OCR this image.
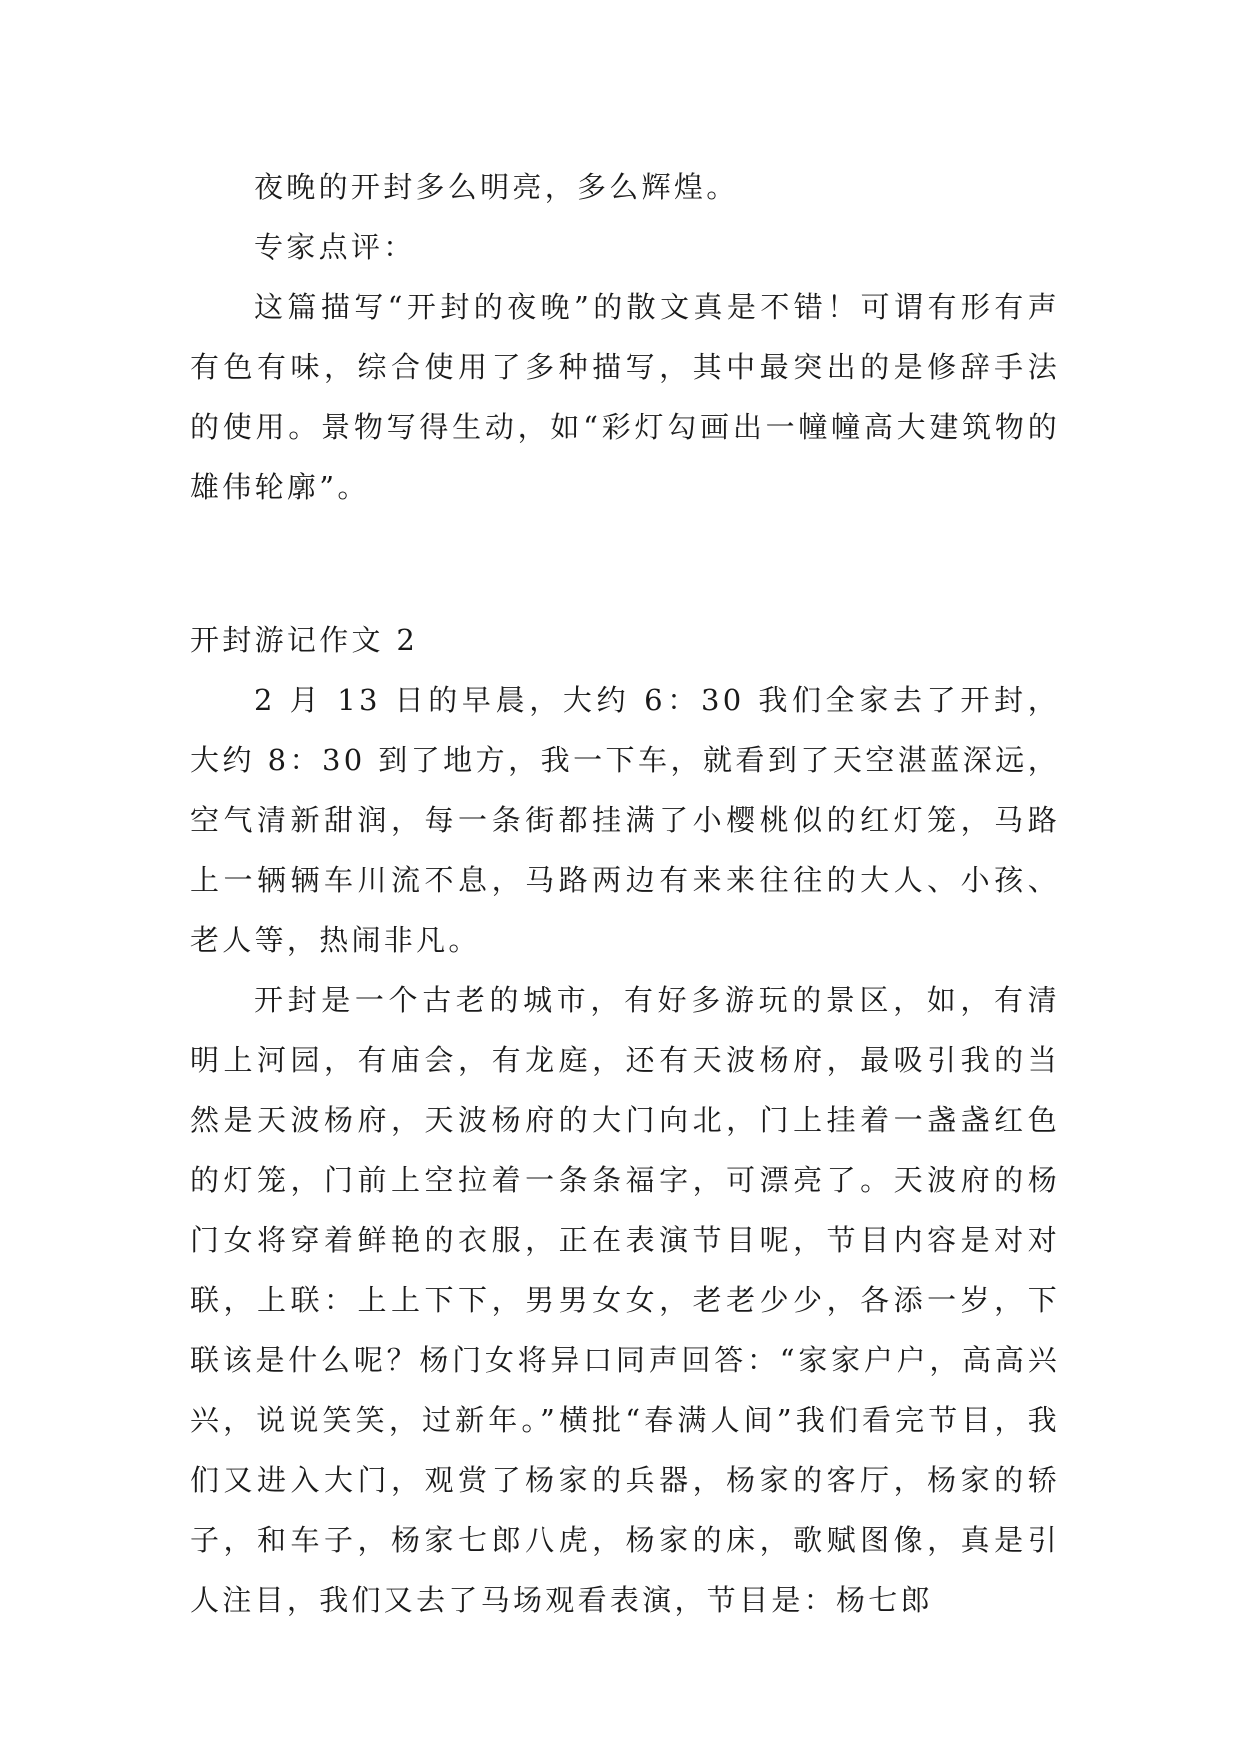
夜晚的开封多么明亮，多么辉煌。

专家点评：

这篇描写“开封的夜晚”的散文真是不错！可谓有形有声有色有味，综合使用了多种描写，其中最突出的是修辞手法的使用。景物写得生动，如“彩灯勾画出一幢幢高大建筑物的雄伟轮廓”。

开封游记作文 2

2 月 13 日的早晨，大约 6：30 我们全家去了开封，大约 8：30 到了地方，我一下车，就看到了天空湛蓝深远，空气清新甜润，每一条街都挂满了小樱桃似的红灯笼，马路上一辆辆车川流不息，马路两边有来来往往的大人、小孩、老人等，热闹非凡。

开封是一个古老的城市，有好多游玩的景区，如，有清明上河园，有庙会，有龙庭，还有天波杨府，最吸引我的当然是天波杨府，天波杨府的大门向北，门上挂着一盏盏红色的灯笼，门前上空拉着一条条福字，可漂亮了。天波府的杨门女将穿着鲜艳的衣服，正在表演节目呢，节目内容是对对联，上联：上上下下，男男女女，老老少少，各添一岁，下联该是什么呢？杨门女将异口同声回答：“家家户户，高高兴兴，说说笑笑，过新年。”横批“春满人间”我们看完节目，我们又进入大门，观赏了杨家的兵器，杨家的客厅，杨家的轿子，和车子，杨家七郎八虎，杨家的床，歌赋图像，真是引人注目，我们又去了马场观看表演，节目是：杨七郎
